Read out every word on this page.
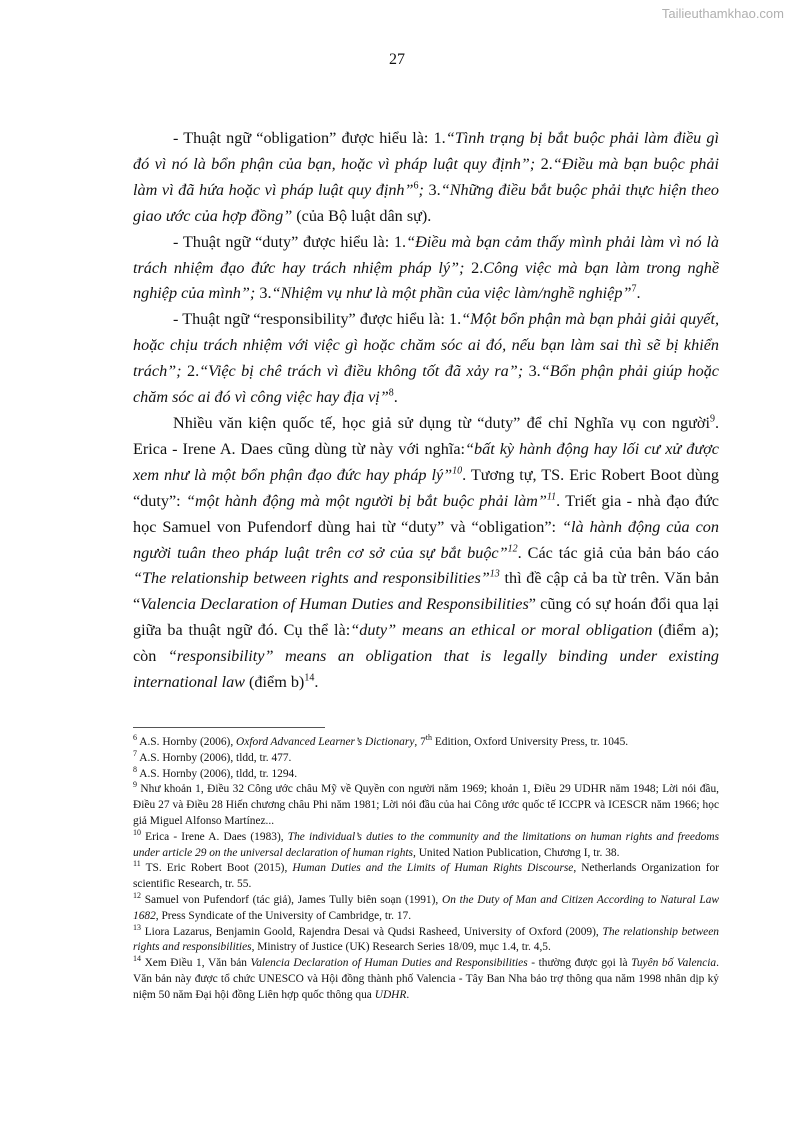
Tailieuthamkhao.com
27

- Thuật ngữ “obligation” được hiểu là: 1.“Tình trạng bị bắt buộc phải làm điều gì đó vì nó là bổn phận của bạn, hoặc vì pháp luật quy định”; 2.“Điều mà bạn buộc phải làm vì đã hứa hoặc vì pháp luật quy định”$^6$; 3.“Những điều bắt buộc phải thực hiện theo giao ước của hợp đồng” (của Bộ luật dân sự).

- Thuật ngữ “duty” được hiểu là: 1.“Điều mà bạn cảm thấy mình phải làm vì nó là trách nhiệm đạo đức hay trách nhiệm pháp lý”; 2.Công việc mà bạn làm trong nghề nghiệp của mình”; 3.“Nhiệm vụ như là một phần của việc làm/nghề nghiệp”$^7$.

- Thuật ngữ “responsibility” được hiểu là: 1.“Một bổn phận mà bạn phải giải quyết, hoặc chịu trách nhiệm với việc gì hoặc chăm sóc ai đó, nếu bạn làm sai thì sẽ bị khiển trách”; 2.“Việc bị chê trách vì điều không tốt đã xảy ra”; 3.“Bổn phận phải giúp hoặc chăm sóc ai đó vì công việc hay địa vị”$^8$.

Nhiều văn kiện quốc tế, học giả sử dụng từ “duty” để chỉ Nghĩa vụ con người$^9$. Erica - Irene A. Daes cũng dùng từ này với nghĩa:“bất kỳ hành động hay lối cư xử được xem như là một bổn phận đạo đức hay pháp lý”$^{10}$. Tương tự, TS. Eric Robert Boot dùng “duty”: “một hành động mà một người bị bắt buộc phải làm”$^{11}$. Triết gia - nhà đạo đức học Samuel von Pufendorf dùng hai từ “duty” và “obligation”: “là hành động của con người tuân theo pháp luật trên cơ sở của sự bắt buộc”$^{12}$. Các tác giả của bản báo cáo “The relationship between rights and responsibilities”$^{13}$ thì đề cập cả ba từ trên. Văn bản “Valencia Declaration of Human Duties and Responsibilities” cũng có sự hoán đổi qua lại giữa ba thuật ngữ đó. Cụ thể là:“duty” means an ethical or moral obligation (điểm a); còn “responsibility” means an obligation that is legally binding under existing international law (điểm b)$^{14}$.

$^6$ A.S. Hornby (2006), Oxford Advanced Learner’s Dictionary, 7th Edition, Oxford University Press, tr. 1045.

$^7$ A.S. Hornby (2006), tldd, tr. 477.

$^8$ A.S. Hornby (2006), tldd, tr. 1294.

$^9$ Như khoản 1, Điều 32 Công ước châu Mỹ về Quyền con người năm 1969; khoản 1, Điều 29 UDHR năm 1948; Lời nói đầu, Điều 27 và Điều 28 Hiến chương châu Phi năm 1981; Lời nói đầu của hai Công ước quốc tế ICCPR và ICESCR năm 1966; học giả Miguel Alfonso Martínez...

$^{10}$ Erica - Irene A. Daes (1983), The individual’s duties to the community and the limitations on human rights and freedoms under article 29 on the universal declaration of human rights, United Nation Publication, Chương I, tr. 38.

$^{11}$ TS. Eric Robert Boot (2015), Human Duties and the Limits of Human Rights Discourse, Netherlands Organization for scientific Research, tr. 55.

$^{12}$ Samuel von Pufendorf (tác giả), James Tully biên soạn (1991), On the Duty of Man and Citizen According to Natural Law 1682, Press Syndicate of the University of Cambridge, tr. 17.

$^{13}$ Liora Lazarus, Benjamin Goold, Rajendra Desai và Qudsi Rasheed, University of Oxford (2009), The relationship between rights and responsibilities, Ministry of Justice (UK) Research Series 18/09, mục 1.4, tr. 4,5.

$^{14}$ Xem Điều 1, Văn bản Valencia Declaration of Human Duties and Responsibilities - thường được gọi là Tuyên bố Valencia. Văn bản này được tổ chức UNESCO và Hội đồng thành phố Valencia - Tây Ban Nha bảo trợ thông qua năm 1998 nhân dịp kỷ niệm 50 năm Đại hội đồng Liên hợp quốc thông qua UDHR.
